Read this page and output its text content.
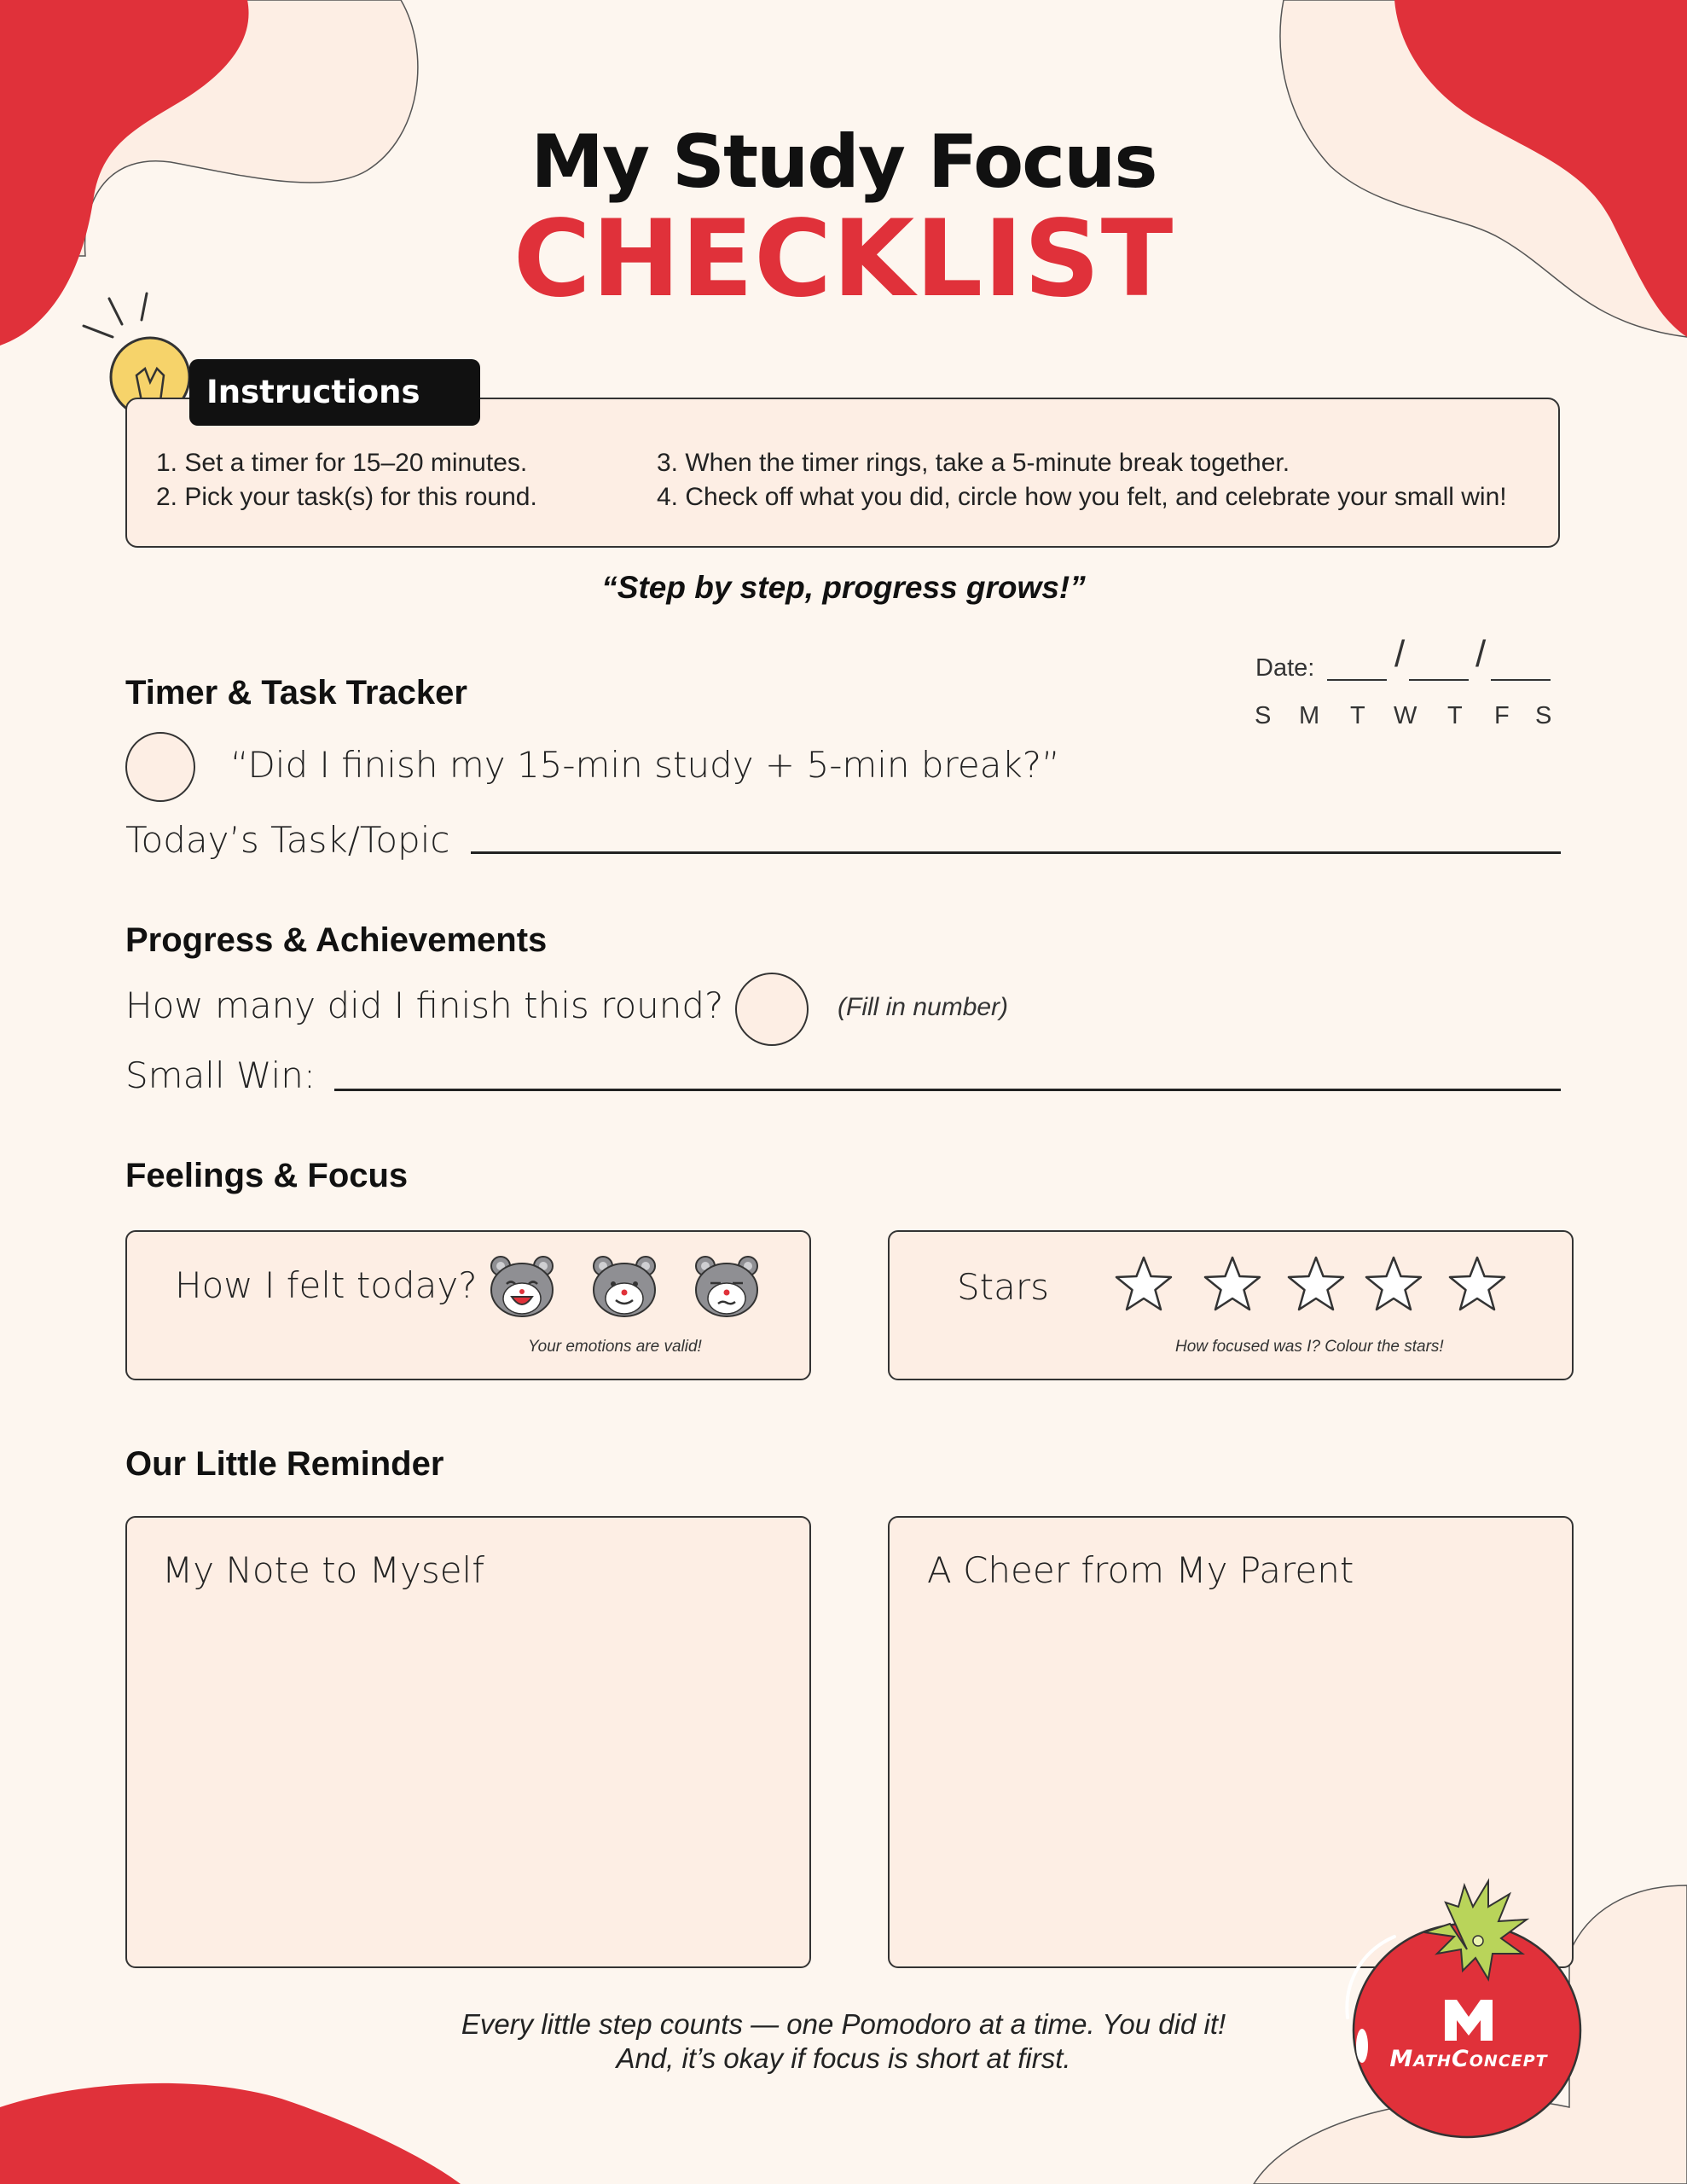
My Study Focus
CHECKLIST
Instructions
1. Set a timer for 15–20 minutes.
2. Pick your task(s) for this round.
3. When the timer rings, take a 5-minute break together.
4. Check off what you did, circle how you felt, and celebrate your small win!
“Step by step, progress grows!”
Date: / /
S M T W T F S
Timer & Task Tracker
“Did I finish my 15-min study + 5-min break?”
Today’s Task/Topic
Progress & Achievements
How many did I finish this round?	(Fill in number)
Small Win:
Feelings & Focus
How I felt today?
Your emotions are valid!
Stars
How focused was I? Colour the stars!
Our Little Reminder
My Note to Myself	A Cheer from My Parent
MathConcept
Every little step counts — one Pomodoro at a time. You did it!
And, it’s okay if focus is short at first.
